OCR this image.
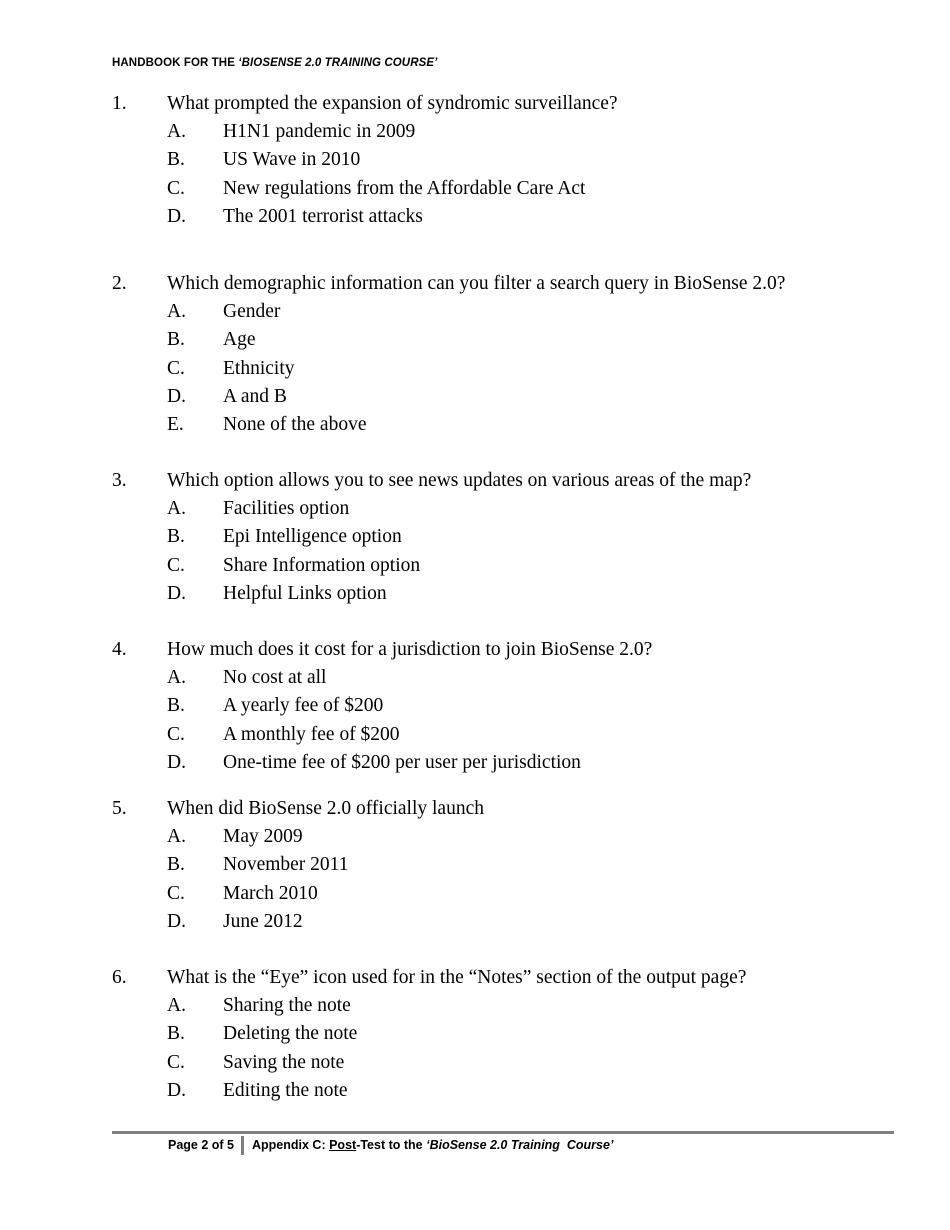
HANDBOOK FOR THE ‘BIOSENSE 2.0 TRAINING COURSE’
1. What prompted the expansion of syndromic surveillance?
A. H1N1 pandemic in 2009
B. US Wave in 2010
C. New regulations from the Affordable Care Act
D. The 2001 terrorist attacks
2. Which demographic information can you filter a search query in BioSense 2.0?
A. Gender
B. Age
C. Ethnicity
D. A and B
E. None of the above
3. Which option allows you to see news updates on various areas of the map?
A. Facilities option
B. Epi Intelligence option
C. Share Information option
D. Helpful Links option
4. How much does it cost for a jurisdiction to join BioSense 2.0?
A. No cost at all
B. A yearly fee of $200
C. A monthly fee of $200
D. One-time fee of $200 per user per jurisdiction
5. When did BioSense 2.0 officially launch
A. May 2009
B. November 2011
C. March 2010
D. June 2012
6. What is the “Eye” icon used for in the “Notes” section of the output page?
A. Sharing the note
B. Deleting the note
C. Saving the note
D. Editing the note
Page 2 of 5 Appendix C: Post-Test to the ‘BioSense 2.0 Training  Course’
